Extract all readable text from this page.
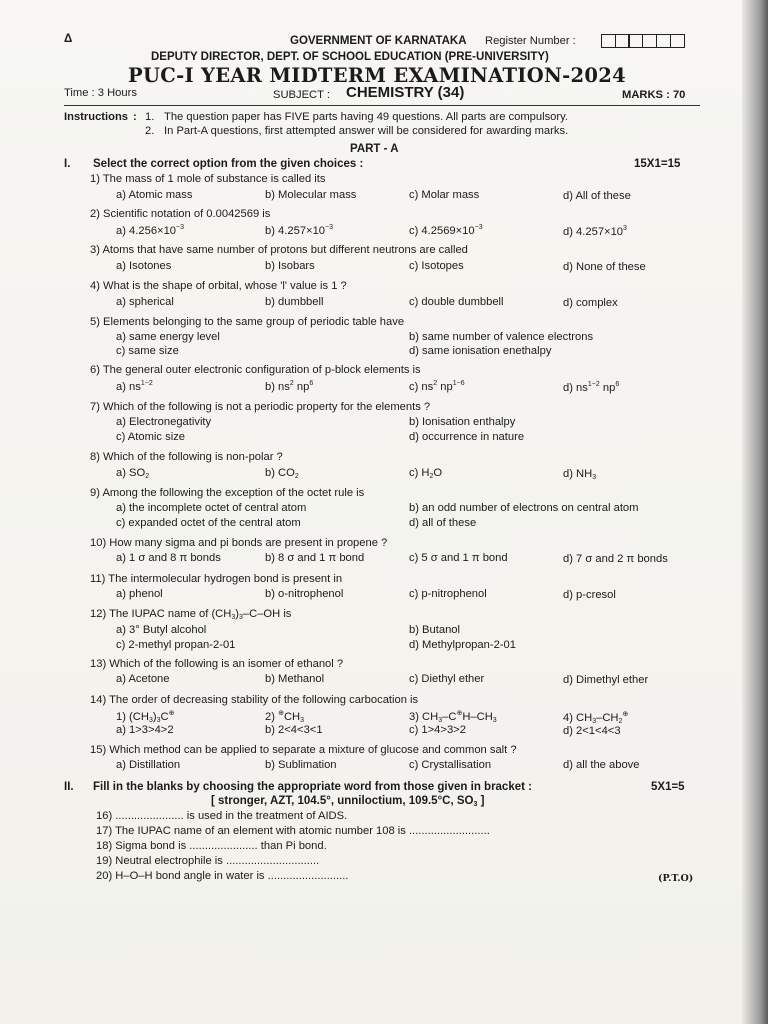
Δ	GOVERNMENT OF KARNATAKA Register Number :
DEPUTY DIRECTOR, DEPT. OF SCHOOL EDUCATION (PRE-UNIVERSITY)
PUC-I YEAR MIDTERM EXAMINATION-2024
Time : 3 Hours	SUBJECT : CHEMISTRY (34)	MARKS : 70
Instructions : 1. The question paper has FIVE parts having 49 questions. All parts are compulsory.
2. In Part-A questions, first attempted answer will be considered for awarding marks.
PART - A
I. Select the correct option from the given choices :	15X1=15
1) The mass of 1 mole of substance is called its
a) Atomic mass	b) Molecular mass	c) Molar mass	d) All of these
2) Scientific notation of 0.0042569 is
a) $4.256\times 10^{-3}$	b) $4.257\times 10^{-3}$	c) $4.2569\times 10^{-3}$	d) $4.257\times 10^3$
3) Atoms that have same number of protons but different neutrons are called
a) Isotones	b) Isobars	c) Isotopes	d) None of these
4) What is the shape of orbital, whose 'l' value is 1 ?
a) spherical	b) dumbbell	c) double dumbbell	d) complex
5) Elements belonging to the same group of periodic table have
a) same energy level	b) same number of valence electrons
c) same size	d) same ionisation enethalpy
6) The general outer electronic configuration of p-block elements is
a) $ns^{1-2}$	b) $ns^2$ $np^6$	c) $ns^2$ $np^{1-6}$	d) $ns^{1-2}$ $np^6$
7) Which of the following is not a periodic property for the elements ?
a) Electronegativity	b) Ionisation enthalpy
c) Atomic size	d) occurrence in nature
8) Which of the following is non-polar ?
a) $SO_2$	b) $CO_2$	c) $H_2O$	d) $NH_3$
9) Among the following the exception of the octet rule is
a) the incomplete octet of central atom	b) an odd number of electrons on central atom
c) expanded octet of the central atom	d) all of these
10) How many sigma and pi bonds are present in propene ?
a) 1 σ and 8 π bonds	b) 8 σ and 1 π bond	c) 5 σ and 1 π bond	d) 7 σ and 2 π bonds
11) The intermolecular hydrogen bond is present in
a) phenol	b) o-nitrophenol	c) p-nitrophenol	d) p-cresol
12) The IUPAC name of $(CH_3)_3-C-OH$ is
a) 3° Butyl alcohol	b) Butanol
c) 2-methyl propan-2-01	d) Methylpropan-2-01
13) Which of the following is an isomer of ethanol ?
a) Acetone	b) Methanol	c) Diethyl ether	d) Dimethyl ether
14) The order of decreasing stability of the following carbocation is
1) $(CH_3)_3C^\oplus$	2) $^\oplus CH_3$	3) $CH_3-C^\oplus H-CH_3$	4) $CH_3-CH_2^\oplus$
a) 1>3>4>2	b) 2<4<3<1	c) 1>4>3>2	d) 2<1<4<3
15) Which method can be applied to separate a mixture of glucose and common salt ?
a) Distillation	b) Sublimation	c) Crystallisation	d) all the above
II. Fill in the blanks by choosing the appropriate word from those given in bracket :	5X1=5
[ stronger, AZT, 104.5°, unniloctium, 109.5°C, $SO_3$ ]
16) ...................... is used in the treatment of AIDS.
17) The IUPAC name of an element with atomic number 108 is ..........................
18) Sigma bond is ...................... than Pi bond.
19) Neutral electrophile is ..............................
20) H–O–H bond angle in water is ..........................	(P.T.O)
